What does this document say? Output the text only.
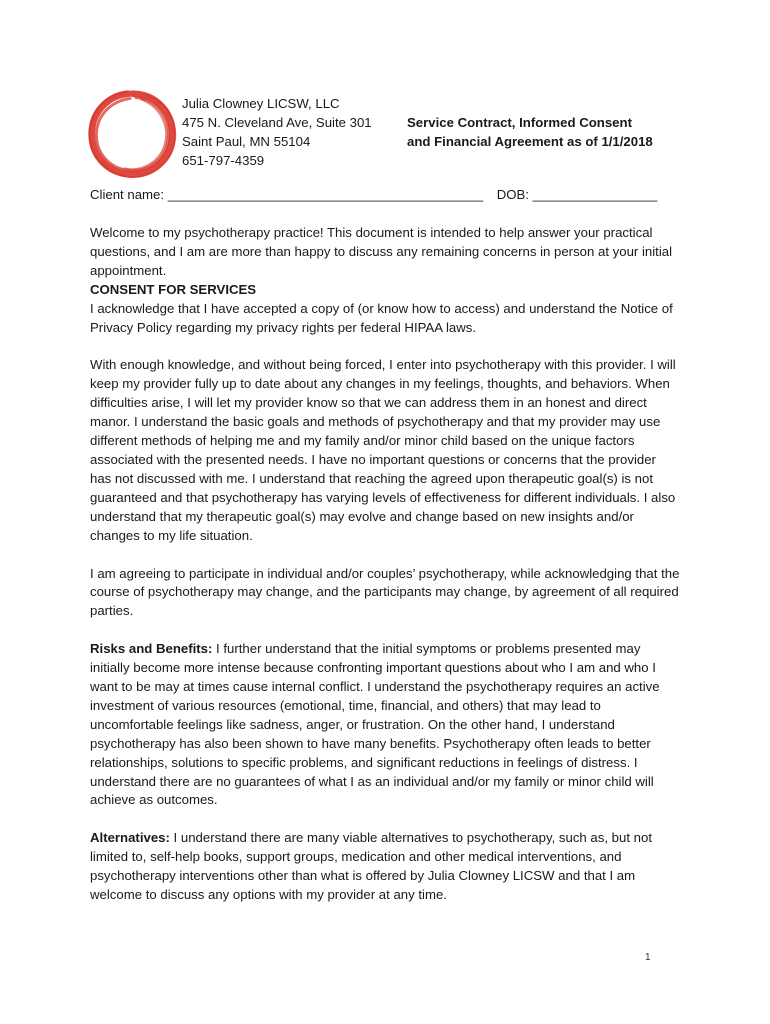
Julia Clowney LICSW, LLC
475 N. Cleveland Ave, Suite 301
Saint Paul, MN 55104
651-797-4359
Service Contract, Informed Consent
and Financial Agreement as of 1/1/2018
Client name: ___________________________________________ DOB: _________________

Welcome to my psychotherapy practice! This document is intended to help answer your practical questions, and I am are more than happy to discuss any remaining concerns in person at your initial appointment.

CONSENT FOR SERVICES

I acknowledge that I have accepted a copy of (or know how to access) and understand the Notice of Privacy Policy regarding my privacy rights per federal HIPAA laws.

With enough knowledge, and without being forced, I enter into psychotherapy with this provider. I will keep my provider fully up to date about any changes in my feelings, thoughts, and behaviors. When difficulties arise, I will let my provider know so that we can address them in an honest and direct manor. I understand the basic goals and methods of psychotherapy and that my provider may use different methods of helping me and my family and/or minor child based on the unique factors associated with the presented needs. I have no important questions or concerns that the provider has not discussed with me. I understand that reaching the agreed upon therapeutic goal(s) is not guaranteed and that psychotherapy has varying levels of effectiveness for different individuals. I also understand that my therapeutic goal(s) may evolve and change based on new insights and/or changes to my life situation.

I am agreeing to participate in individual and/or couples’ psychotherapy, while acknowledging that the course of psychotherapy may change, and the participants may change, by agreement of all required parties.

Risks and Benefits: I further understand that the initial symptoms or problems presented may initially become more intense because confronting important questions about who I am and who I want to be may at times cause internal conflict. I understand the psychotherapy requires an active investment of various resources (emotional, time, financial, and others) that may lead to uncomfortable feelings like sadness, anger, or frustration. On the other hand, I understand psychotherapy has also been shown to have many benefits. Psychotherapy often leads to better relationships, solutions to specific problems, and significant reductions in feelings of distress. I understand there are no guarantees of what I as an individual and/or my family or minor child will achieve as outcomes.

Alternatives: I understand there are many viable alternatives to psychotherapy, such as, but not limited to, self-help books, support groups, medication and other medical interventions, and psychotherapy interventions other than what is offered by Julia Clowney LICSW and that I am welcome to discuss any options with my provider at any time.

1
